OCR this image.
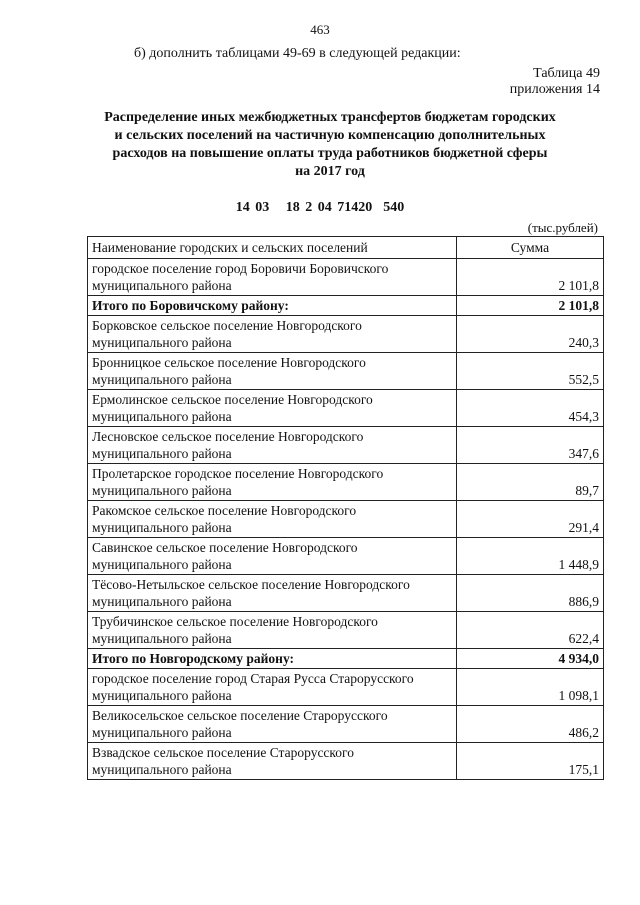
463
б) дополнить таблицами 49-69 в следующей редакции:
Таблица 49
приложения 14
Распределение иных межбюджетных трансфертов бюджетам городских
и сельских поселений на частичную компенсацию дополнительных
расходов на повышение оплаты труда работников бюджетной сферы
на 2017 год
14 03   18 2 04 71420  540
(тыс.рублей)
Наименование городских и сельских поселений	Сумма
городское поселение город Боровичи Боровичского муниципального района	2 101,8
Итого по Боровичскому району:	2 101,8
Борковское сельское поселение Новгородского муниципального района	240,3
Бронницкое сельское поселение Новгородского муниципального района	552,5
Ермолинское сельское поселение Новгородского муниципального района	454,3
Лесновское сельское поселение Новгородского муниципального района	347,6
Пролетарское городское поселение Новгородского муниципального района	89,7
Ракомское сельское поселение Новгородского муниципального района	291,4
Савинское сельское поселение Новгородского муниципального района	1 448,9
Тёсово-Нетыльское сельское поселение Новгородского муниципального района	886,9
Трубичинское сельское поселение Новгородского муниципального района	622,4
Итого по Новгородскому району:	4 934,0
городское поселение город Старая Русса Старорусского муниципального района	1 098,1
Великосельское сельское поселение Старорусского муниципального района	486,2
Взвадское сельское поселение Старорусского муниципального района	175,1
